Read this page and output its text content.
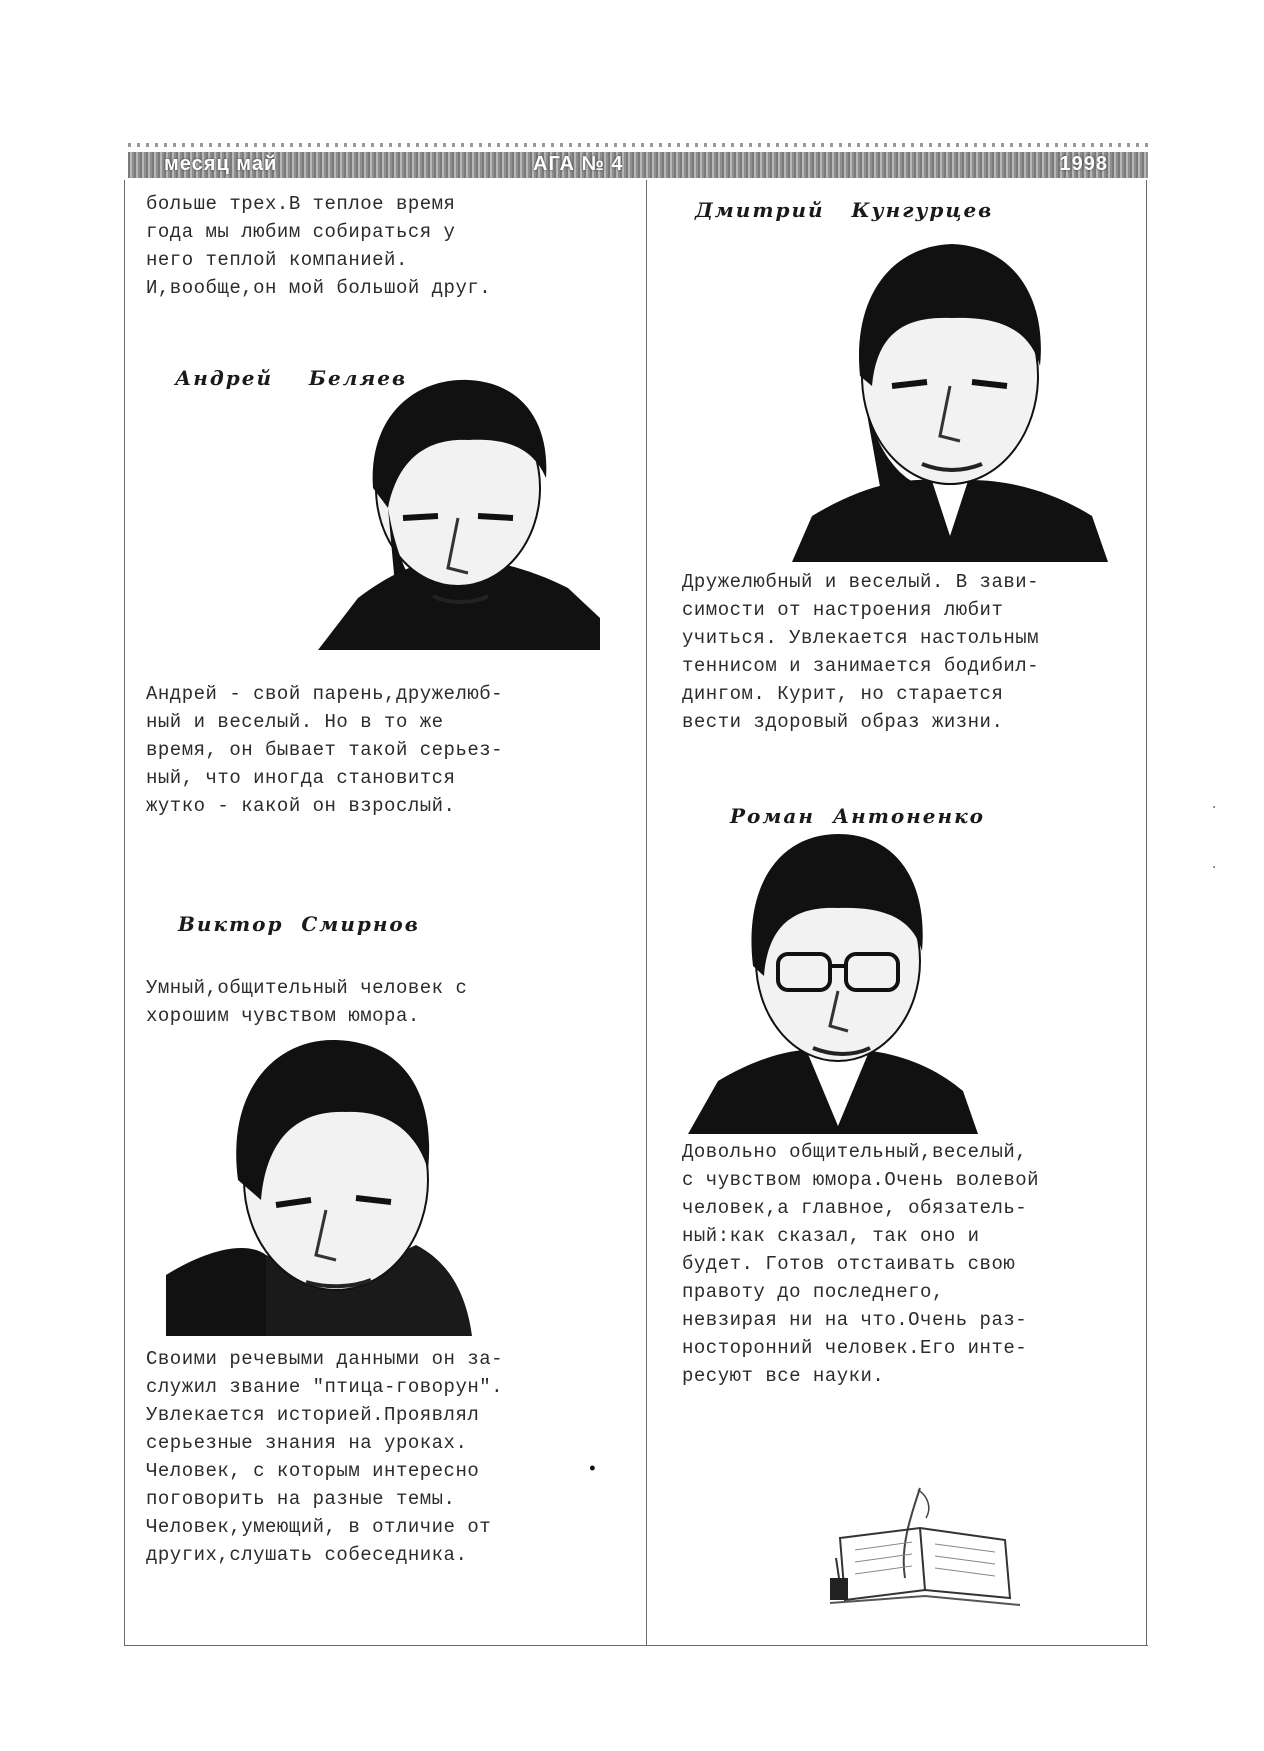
месяц май	АГА № 4	1998
больше трех.В теплое время
года мы любим собираться у
него теплой компанией.
И,вообще,он мой большой друг.
Андрей    Беляев
Андрей - свой парень,дружелюб-
ный и веселый. Но в то же
время, он бывает такой серьез-
ный, что иногда становится
жутко - какой он взрослый.
Виктор  Смирнов
Умный,общительный человек с
хорошим чувством юмора.
Своими речевыми данными он за-
служил звание "птица-говорун".
Увлекается историей.Проявлял
серьезные знания на уроках.
Человек, с которым интересно
поговорить на разные темы.
Человек,умеющий, в отличие от
других,слушать собеседника.
Дмитрий   Кунгурцев
Дружелюбный и веселый. В зави-
симости от настроения любит
учиться. Увлекается настольным
теннисом и занимается бодибил-
дингом. Курит, но старается
вести здоровый образ жизни.
Роман  Антоненко
Довольно общительный,веселый,
с чувством юмора.Очень волевой
человек,а главное, обязатель-
ный:как сказал, так оно и
будет. Готов отстаивать свою
правоту до последнего,
невзирая ни на что.Очень раз-
носторонний человек.Его инте-
ресуют все науки.
·
·
•
